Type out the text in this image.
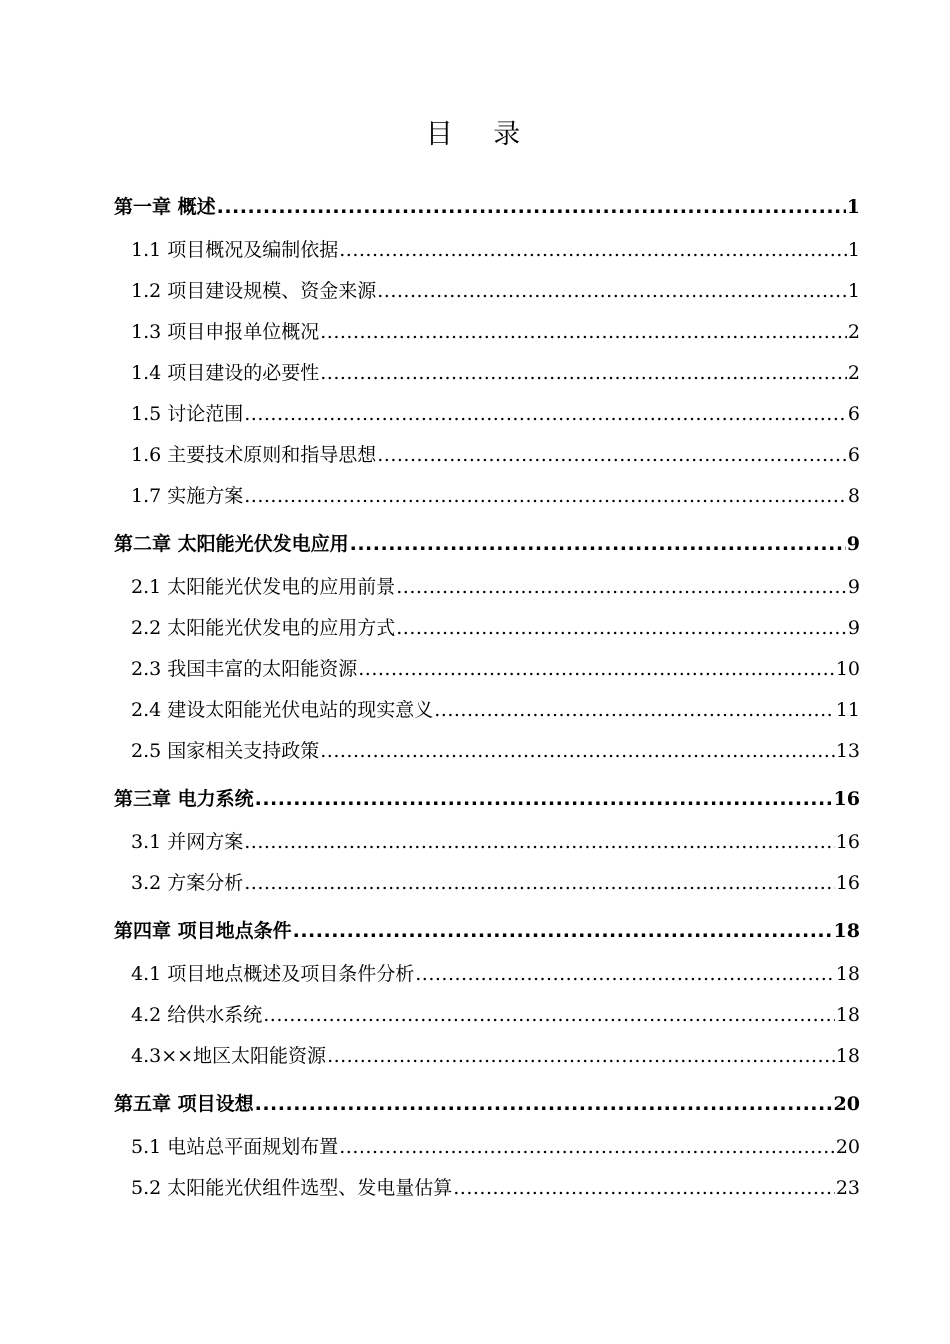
目 录
第一章 概述 .....	1
1.1 项目概况及编制依据 .....	1
1.2 项目建设规模、资金来源 .....	1
1.3 项目申报单位概况 .....	2
1.4 项目建设的必要性 .....	2
1.5 讨论范围 .....	6
1.6 主要技术原则和指导思想 .....	6
1.7 实施方案 .....	8
第二章 太阳能光伏发电应用 .....	9
2.1 太阳能光伏发电的应用前景 .....	9
2.2 太阳能光伏发电的应用方式 .....	9
2.3 我国丰富的太阳能资源 .....	10
2.4 建设太阳能光伏电站的现实意义 .....	11
2.5 国家相关支持政策 .....	13
第三章 电力系统 .....	16
3.1 并网方案 .....	16
3.2 方案分析 .....	16
第四章 项目地点条件 .....	18
4.1 项目地点概述及项目条件分析 .....	18
4.2 给供水系统 .....	18
4.3××地区太阳能资源 .....	18
第五章 项目设想 .....	20
5.1 电站总平面规划布置 .....	20
5.2 太阳能光伏组件选型、发电量估算 .....	23
